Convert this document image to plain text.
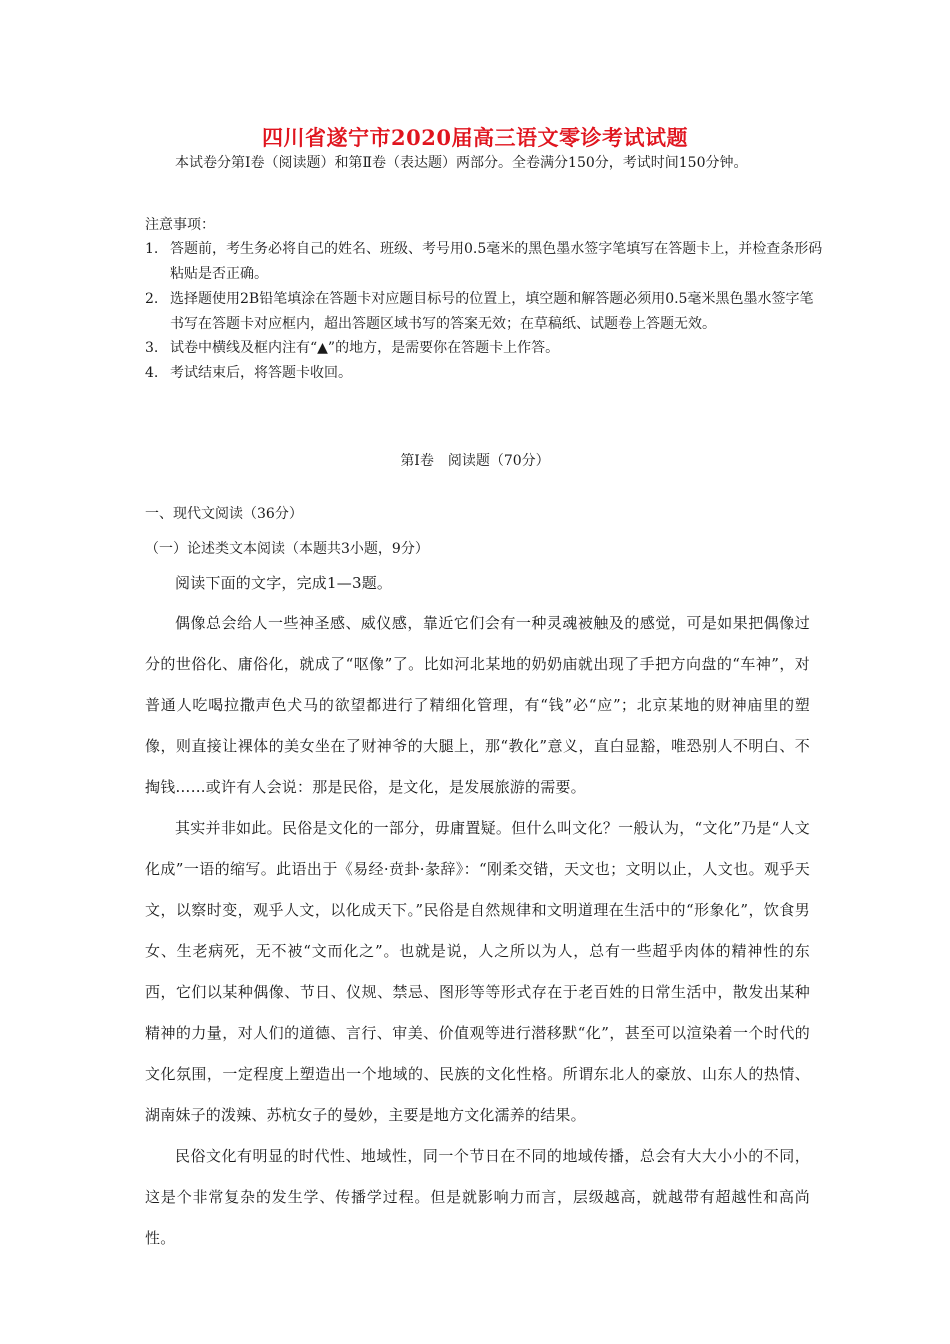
四川省遂宁市2020届高三语文零诊考试试题
本试卷分第Ⅰ卷（阅读题）和第Ⅱ卷（表达题）两部分。全卷满分150分，考试时间150分钟。
注意事项：
1. 答题前，考生务必将自己的姓名、班级、考号用0.5毫米的黑色墨水签字笔填写在答题卡上，并检查条形码粘贴是否正确。
2. 选择题使用2B铅笔填涂在答题卡对应题目标号的位置上，填空题和解答题必须用0.5毫米黑色墨水签字笔书写在答题卡对应框内，超出答题区域书写的答案无效；在草稿纸、试题卷上答题无效。
3. 试卷中横线及框内注有“▲”的地方，是需要你在答题卡上作答。
4. 考试结束后，将答题卡收回。
第Ⅰ卷　阅读题（70分）
一、现代文阅读（36分）
（一）论述类文本阅读（本题共3小题，9分）

阅读下面的文字，完成1—3题。

偶像总会给人一些神圣感、威仪感，靠近它们会有一种灵魂被触及的感觉，可是如果把偶像过分的世俗化、庸俗化，就成了“呕像”了。比如河北某地的奶奶庙就出现了手把方向盘的“车神”，对普通人吃喝拉撒声色犬马的欲望都进行了精细化管理，有“钱”必“应”；北京某地的财神庙里的塑像，则直接让裸体的美女坐在了财神爷的大腿上，那“教化”意义，直白显豁，唯恐别人不明白、不掏钱……或许有人会说：那是民俗，是文化，是发展旅游的需要。

其实并非如此。民俗是文化的一部分，毋庸置疑。但什么叫文化？一般认为，“文化”乃是“人文化成”一语的缩写。此语出于《易经·贲卦·彖辞》：“刚柔交错，天文也；文明以止，人文也。观乎天文，以察时变，观乎人文，以化成天下。”民俗是自然规律和文明道理在生活中的“形象化”，饮食男女、生老病死，无不被“文而化之”。也就是说，人之所以为人，总有一些超乎肉体的精神性的东西，它们以某种偶像、节日、仪规、禁忌、图形等等形式存在于老百姓的日常生活中，散发出某种精神的力量，对人们的道德、言行、审美、价值观等进行潜移默“化”，甚至可以渲染着一个时代的文化氛围，一定程度上塑造出一个地域的、民族的文化性格。所谓东北人的豪放、山东人的热情、湖南妹子的泼辣、苏杭女子的曼妙，主要是地方文化濡养的结果。

民俗文化有明显的时代性、地域性，同一个节日在不同的地域传播，总会有大大小小的不同，这是个非常复杂的发生学、传播学过程。但是就影响力而言，层级越高，就越带有超越性和高尚性。
